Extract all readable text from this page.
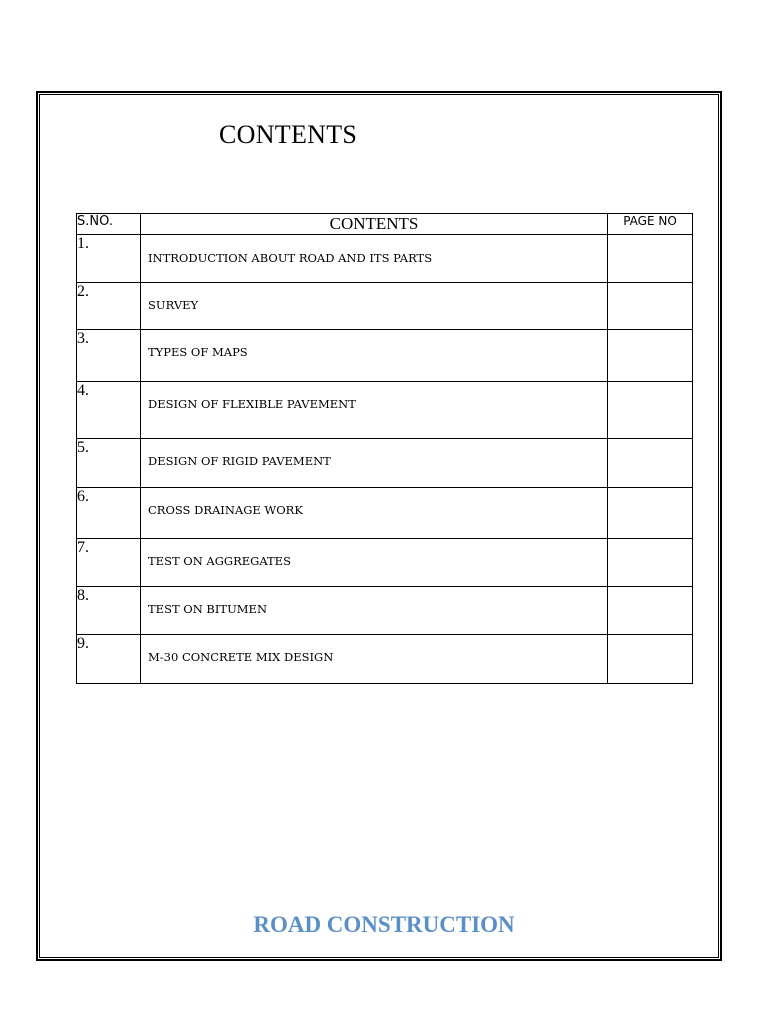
CONTENTS
S.NO.	CONTENTS	PAGE NO
1.	INTRODUCTION ABOUT ROAD AND ITS PARTS	

2.	SURVEY	

3.	TYPES OF MAPS	

4.	DESIGN OF FLEXIBLE PAVEMENT	

5.	DESIGN OF RIGID PAVEMENT	

6.	CROSS DRAINAGE WORK	

7.	TEST ON AGGREGATES	

8.	TEST ON BITUMEN	

9.	M-30 CONCRETE MIX DESIGN	

ROAD CONSTRUCTION
